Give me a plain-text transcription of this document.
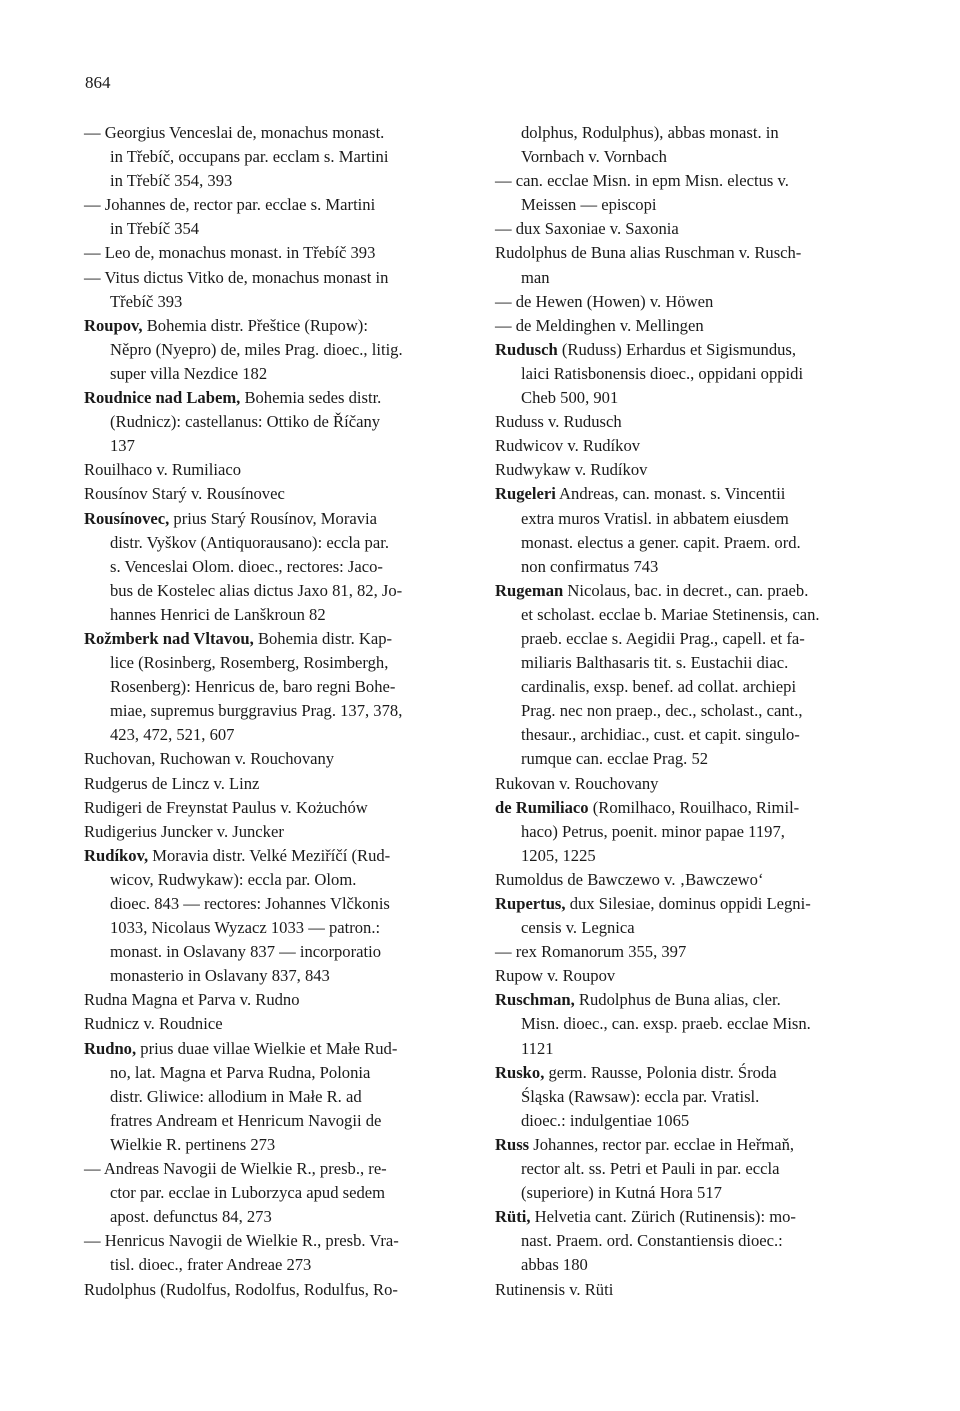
864
— Georgius Venceslai de, monachus monast.
in Třebíč, occupans par. ecclam s. Martini
in Třebíč 354, 393
— Johannes de, rector par. ecclae s. Martini
in Třebíč 354
— Leo de, monachus monast. in Třebíč 393
— Vitus dictus Vitko de, monachus monast in
Třebíč 393
Roupov, Bohemia distr. Přeštice (Rupow):
Něpro (Nyepro) de, miles Prag. dioec., litig.
super villa Nezdice 182
Roudnice nad Labem, Bohemia sedes distr.
(Rudnicz): castellanus: Ottiko de Říčany
137
Rouilhaco v. Rumiliaco
Rousínov Starý v. Rousínovec
Rousínovec, prius Starý Rousínov, Moravia
distr. Vyškov (Antiquorausano): eccla par.
s. Venceslai Olom. dioec., rectores: Jaco-
bus de Kostelec alias dictus Jaxo 81, 82, Jo-
hannes Henrici de Lanškroun 82
Rožmberk nad Vltavou, Bohemia distr. Kap-
lice (Rosinberg, Rosemberg, Rosimbergh,
Rosenberg): Henricus de, baro regni Bohe-
miae, supremus burggravius Prag. 137, 378,
423, 472, 521, 607
Ruchovan, Ruchowan v. Rouchovany
Rudgerus de Lincz v. Linz
Rudigeri de Freynstat Paulus v. Kożuchów
Rudigerius Juncker v. Juncker
Rudíkov, Moravia distr. Velké Meziříčí (Rud-
wicov, Rudwykaw): eccla par. Olom.
dioec. 843 — rectores: Johannes Vlčkonis
1033, Nicolaus Wyzacz 1033 — patron.:
monast. in Oslavany 837 — incorporatio
monasterio in Oslavany 837, 843
Rudna Magna et Parva v. Rudno
Rudnicz v. Roudnice
Rudno, prius duae villae Wielkie et Małe Rud-
no, lat. Magna et Parva Rudna, Polonia
distr. Gliwice: allodium in Małe R. ad
fratres Andream et Henricum Navogii de
Wielkie R. pertinens 273
— Andreas Navogii de Wielkie R., presb., re-
ctor par. ecclae in Luborzyca apud sedem
apost. defunctus 84, 273
— Henricus Navogii de Wielkie R., presb. Vra-
tisl. dioec., frater Andreae 273
Rudolphus (Rudolfus, Rodolfus, Rodulfus, Ro-
dolphus, Rodulphus), abbas monast. in
Vornbach v. Vornbach
— can. ecclae Misn. in epm Misn. electus v.
Meissen — episcopi
— dux Saxoniae v. Saxonia
Rudolphus de Buna alias Ruschman v. Rusch-
man
— de Hewen (Howen) v. Höwen
— de Meldinghen v. Mellingen
Rudusch (Ruduss) Erhardus et Sigismundus,
laici Ratisbonensis dioec., oppidani oppidi
Cheb 500, 901
Ruduss v. Rudusch
Rudwicov v. Rudíkov
Rudwykaw v. Rudíkov
Rugeleri Andreas, can. monast. s. Vincentii
extra muros Vratisl. in abbatem eiusdem
monast. electus a gener. capit. Praem. ord.
non confirmatus 743
Rugeman Nicolaus, bac. in decret., can. praeb.
et scholast. ecclae b. Mariae Stetinensis, can.
praeb. ecclae s. Aegidii Prag., capell. et fa-
miliaris Balthasaris tit. s. Eustachii diac.
cardinalis, exsp. benef. ad collat. archiepi
Prag. nec non praep., dec., scholast., cant.,
thesaur., archidiac., cust. et capit. singulo-
rumque can. ecclae Prag. 52
Rukovan v. Rouchovany
de Rumiliaco (Romilhaco, Rouilhaco, Rimil-
haco) Petrus, poenit. minor papae 1197,
1205, 1225
Rumoldus de Bawczewo v. ‚Bawczewo‘
Rupertus, dux Silesiae, dominus oppidi Legni-
censis v. Legnica
— rex Romanorum 355, 397
Rupow v. Roupov
Ruschman, Rudolphus de Buna alias, cler.
Misn. dioec., can. exsp. praeb. ecclae Misn.
1121
Rusko, germ. Rausse, Polonia distr. Środa
Śląska (Rawsaw): eccla par. Vratisl.
dioec.: indulgentiae 1065
Russ Johannes, rector par. ecclae in Heřmaň,
rector alt. ss. Petri et Pauli in par. eccla
(superiore) in Kutná Hora 517
Rüti, Helvetia cant. Zürich (Rutinensis): mo-
nast. Praem. ord. Constantiensis dioec.:
abbas 180
Rutinensis v. Rüti
